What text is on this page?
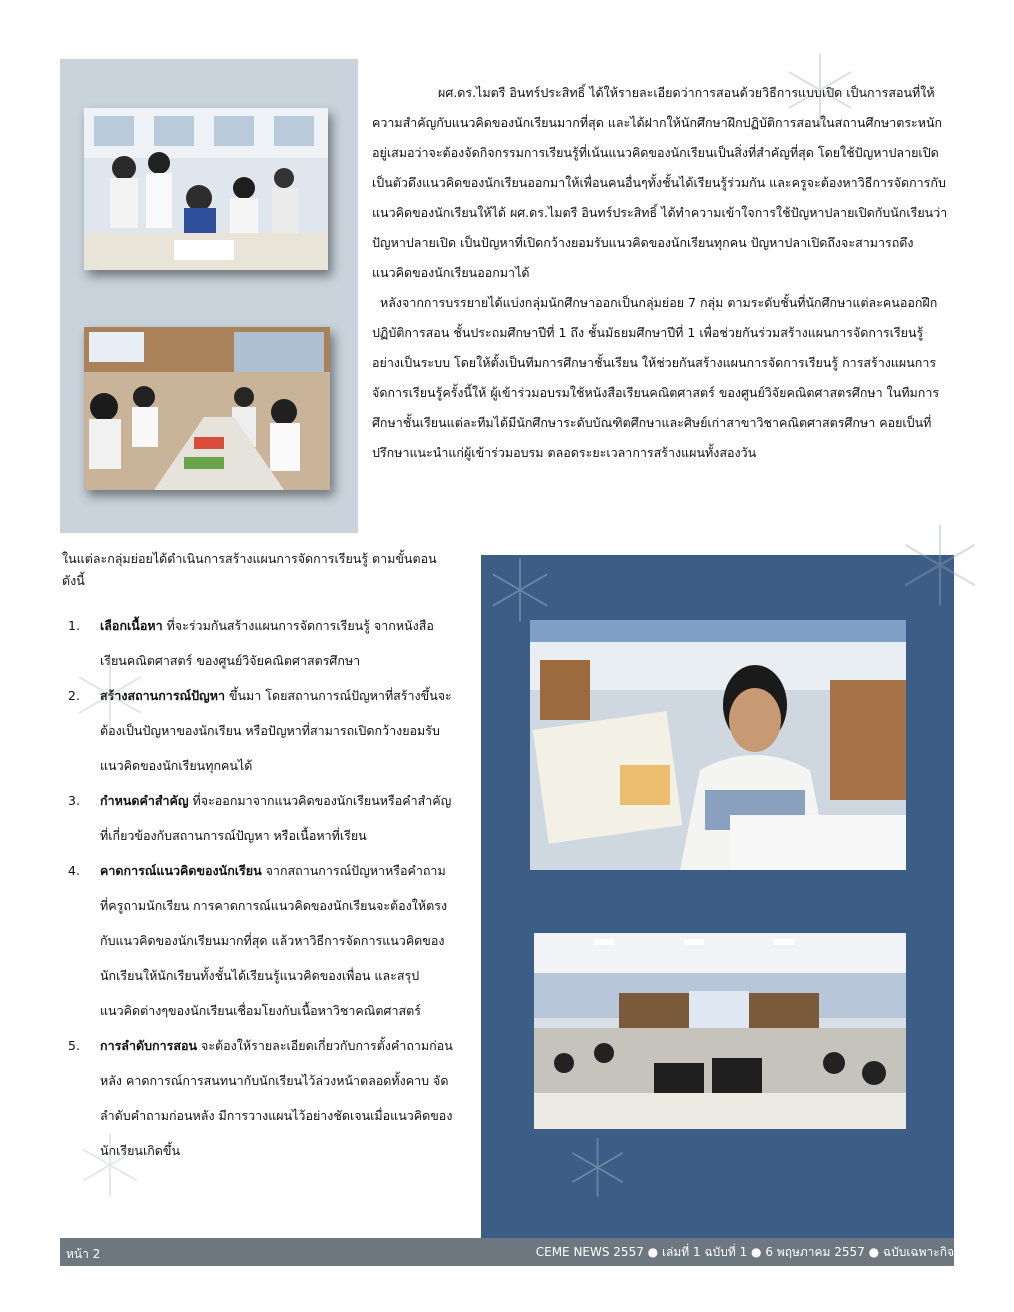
ผศ.ดร.ไมตรี อินทร์ประสิทธิ์ ได้ให้รายละเอียดว่าการสอนด้วยวิธีการแบบเปิด เป็นการสอนที่ให้ความสำคัญกับแนวคิดของนักเรียนมากที่สุด และได้ฝากให้นักศึกษาฝึกปฏิบัติการสอนในสถานศึกษาตระหนักอยู่เสมอว่าจะต้องจัดกิจกรรมการเรียนรู้ที่เน้นแนวคิดของนักเรียนเป็นสิ่งที่สำคัญที่สุด โดยใช้ปัญหาปลายเปิดเป็นตัวดึงแนวคิดของนักเรียนออกมาให้เพื่อนคนอื่นๆทั้งชั้นได้เรียนรู้ร่วมกัน และครูจะต้องหาวิธีการจัดการกับแนวคิดของนักเรียนให้ได้ ผศ.ดร.ไมตรี อินทร์ประสิทธิ์ ได้ทำความเข้าใจการใช้ปัญหาปลายเปิดกับนักเรียนว่า ปัญหาปลายเปิด เป็นปัญหาที่เปิดกว้างยอมรับแนวคิดของนักเรียนทุกคน ปัญหาปลาเปิดถึงจะสามารถดึงแนวคิดของนักเรียนออกมาได้

หลังจากการบรรยายได้แบ่งกลุ่มนักศึกษาออกเป็นกลุ่มย่อย 7 กลุ่ม ตามระดับชั้นที่นักศึกษาแต่ละคนออกฝึกปฏิบัติการสอน ชั้นประถมศึกษาปีที่ 1 ถึง ชั้นมัธยมศึกษาปีที่ 1 เพื่อช่วยกันร่วมสร้างแผนการจัดการเรียนรู้อย่างเป็นระบบ โดยให้ตั้งเป็นทีมการศึกษาชั้นเรียน ให้ช่วยกันสร้างแผนการจัดการเรียนรู้ การสร้างแผนการจัดการเรียนรู้ครั้งนี้ให้ ผู้เข้าร่วมอบรมใช้หนังสือเรียนคณิตศาสตร์ ของศูนย์วิจัยคณิตศาสตรศึกษา ในทีมการศึกษาชั้นเรียนแต่ละทีมได้มีนักศึกษาระดับบัณฑิตศึกษาและศิษย์เก่าสาขาวิชาคณิตศาสตรศึกษา คอยเป็นที่ปรึกษาแนะนำแก่ผู้เข้าร่วมอบรม ตลอดระยะเวลาการสร้างแผนทั้งสองวัน

ในแต่ละกลุ่มย่อยได้ดำเนินการสร้างแผนการจัดการเรียนรู้ ตามขั้นตอนดังนี้
1. เลือกเนื้อหา ที่จะร่วมกันสร้างแผนการจัดการเรียนรู้ จากหนังสือเรียนคณิตศาสตร์ ของศูนย์วิจัยคณิตศาสตรศึกษา
2. สร้างสถานการณ์ปัญหา ขึ้นมา โดยสถานการณ์ปัญหาที่สร้างขึ้นจะต้องเป็นปัญหาของนักเรียน หรือปัญหาที่สามารถเปิดกว้างยอมรับแนวคิดของนักเรียนทุกคนได้
3. กำหนดคำสำคัญ ที่จะออกมาจากแนวคิดของนักเรียนหรือคำสำคัญที่เกี่ยวข้องกับสถานการณ์ปัญหา หรือเนื้อหาที่เรียน
4. คาดการณ์แนวคิดของนักเรียน จากสถานการณ์ปัญหาหรือคำถาม ที่ครูถามนักเรียน การคาดการณ์แนวคิดของนักเรียนจะต้องให้ตรงกับแนวคิดของนักเรียนมากที่สุด แล้วหาวิธีการจัดการแนวคิดของนักเรียนให้นักเรียนทั้งชั้นได้เรียนรู้แนวคิดของเพื่อน และสรุปแนวคิดต่างๆของนักเรียนเชื่อมโยงกับเนื้อหาวิชาคณิตศาสตร์
5. การลำดับการสอน จะต้องให้รายละเอียดเกี่ยวกับการตั้งคำถามก่อนหลัง คาดการณ์การสนทนากับนักเรียนไว้ล่วงหน้าตลอดทั้งคาบ จัดลำดับคำถามก่อนหลัง มีการวางแผนไว้อย่างชัดเจนเมื่อแนวคิดของนักเรียนเกิดขึ้น
หน้า 2	CEME NEWS 2557 ● เล่มที่ 1 ฉบับที่ 1 ● 6 พฤษภาคม 2557 ● ฉบับเฉพาะกิจ
